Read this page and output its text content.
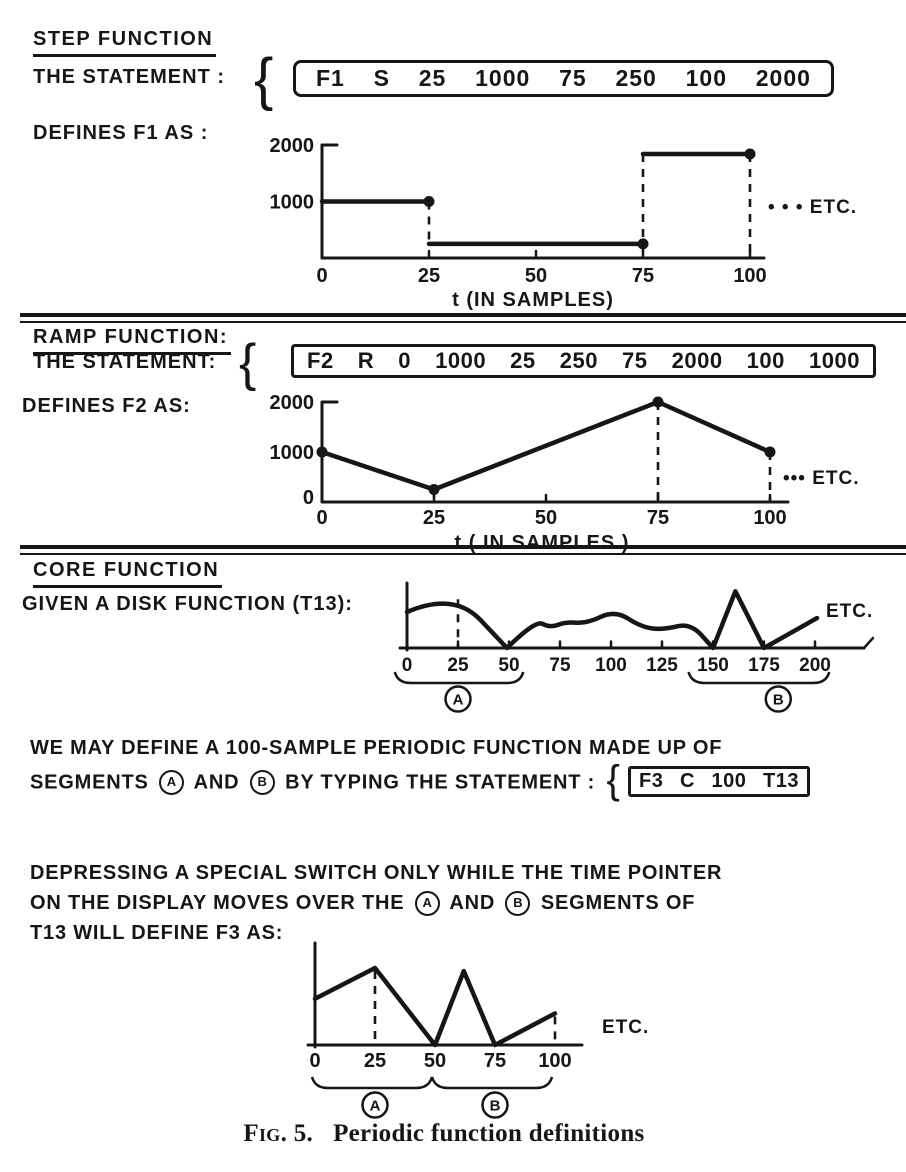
STEP FUNCTION
THE STATEMENT : { F1 S 25 1000 75 250 100 2000
DEFINES F1 AS :
0	25	50	75	100
1000
2000
t (IN SAMPLES)
• • • ETC.
RAMP FUNCTION:
THE STATEMENT: { F2 R 0 1000 25 250 75 2000 100 1000
DEFINES F2 AS:
0	25	50	75	100
0
1000
2000
t ( IN SAMPLES )
••• ETC.
CORE FUNCTION
GIVEN A DISK FUNCTION (T13):
0 25 50 75 100 125 150 175 200
A	B
ETC.
WE MAY DEFINE A 100-SAMPLE PERIODIC FUNCTION MADE UP OF
SEGMENTS A AND B BY TYPING THE STATEMENT : { F3 C 100 T13
DEPRESSING A SPECIAL SWITCH ONLY WHILE THE TIME POINTER
ON THE DISPLAY MOVES OVER THE A AND B SEGMENTS OF
T13 WILL DEFINE F3 AS:
0 25 50 75 100
A	B
ETC.
Fig. 5. Periodic function definitions
